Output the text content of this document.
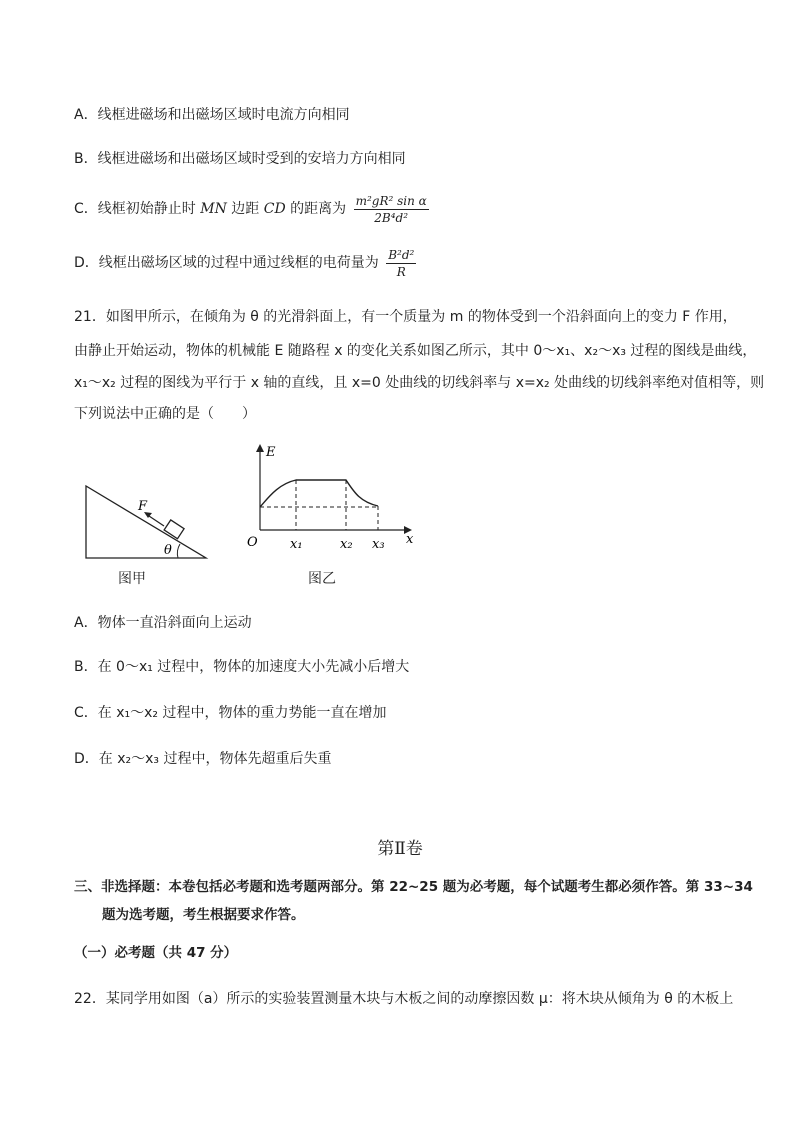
A．线框进磁场和出磁场区域时电流方向相同
B．线框进磁场和出磁场区域时受到的安培力方向相同
C．线框初始静止时 MN 边距 CD 的距离为 $\frac{\text{m²gR² sin α}}{\text{2B⁴d²}}$
D．线框出磁场区域的过程中通过线框的电荷量为 $\frac{\text{B²d²}}{R}$
21．如图甲所示，在倾角为 θ 的光滑斜面上，有一个质量为 m 的物体受到一个沿斜面向上的变力 F 作用，
由静止开始运动，物体的机械能 E 随路程 x 的变化关系如图乙所示，其中 0～x₁、x₂～x₃ 过程的图线是曲线，
x₁～x₂ 过程的图线为平行于 x 轴的直线，且 x=0 处曲线的切线斜率与 x=x₂ 处曲线的切线斜率绝对值相等，则
下列说法中正确的是（　　）
F
θ
E
O	x
x₁	x₂ x₃
图甲	图乙
A．物体一直沿斜面向上运动
B．在 0～x₁ 过程中，物体的加速度大小先减小后增大
C．在 x₁～x₂ 过程中，物体的重力势能一直在增加
D．在 x₂～x₃ 过程中，物体先超重后失重
第Ⅱ卷
三、非选择题：本卷包括必考题和选考题两部分。第 22~25 题为必考题，每个试题考生都必须作答。第 33~34
题为选考题，考生根据要求作答。
（一）必考题（共 47 分）
22．某同学用如图（a）所示的实验装置测量木块与木板之间的动摩擦因数 μ：将木块从倾角为 θ 的木板上
